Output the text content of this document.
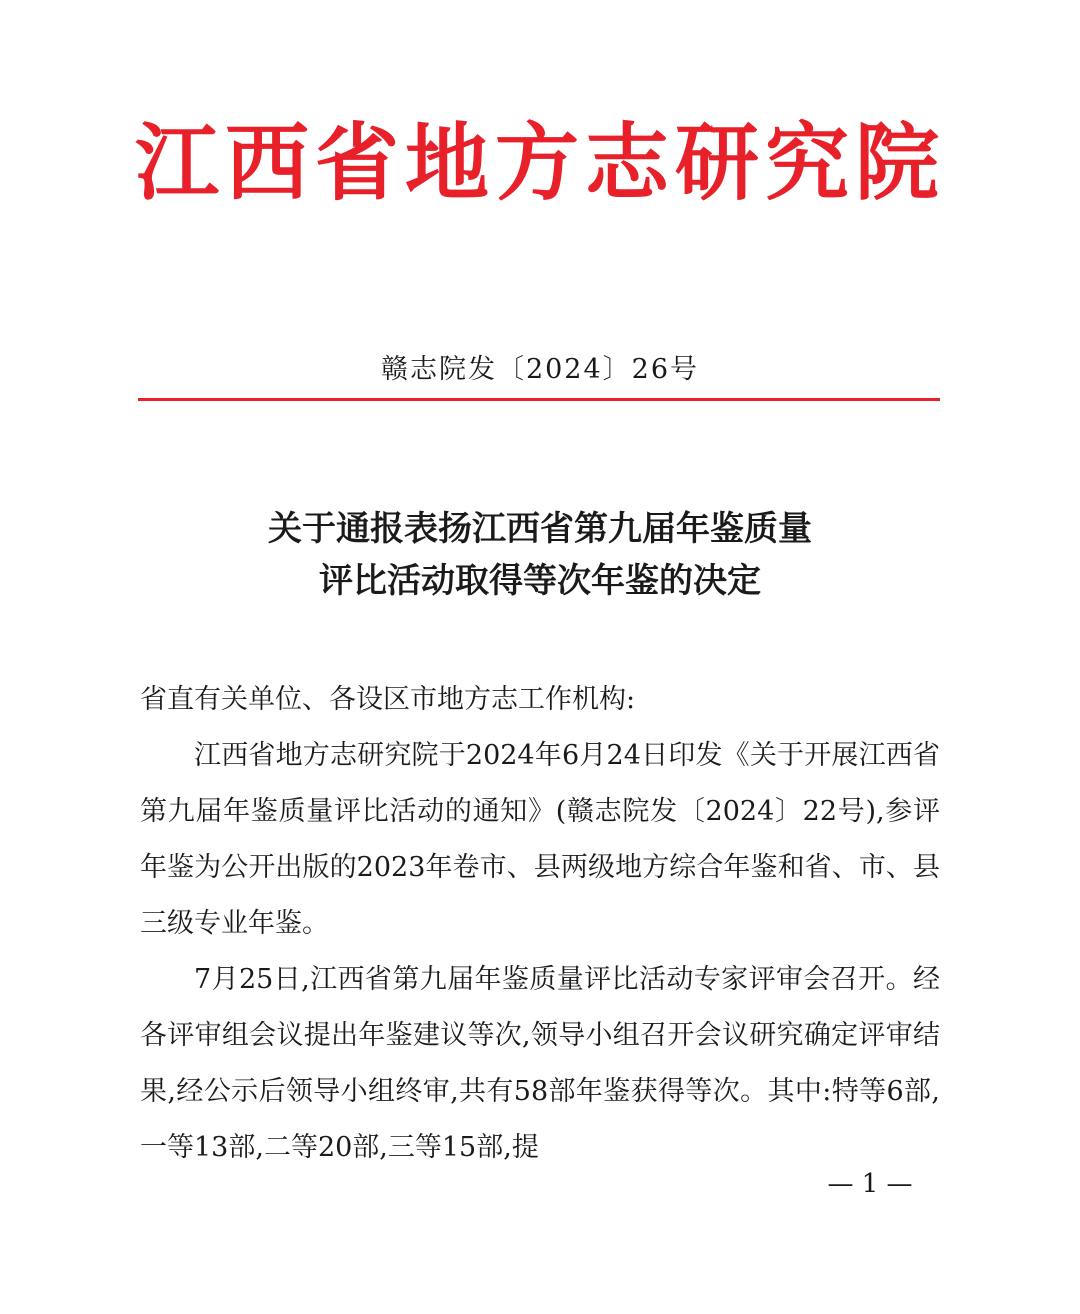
江西省地方志研究院
赣志院发〔2024〕26号
关于通报表扬江西省第九届年鉴质量
评比活动取得等次年鉴的决定

省直有关单位、各设区市地方志工作机构:

江西省地方志研究院于2024年6月24日印发《关于开展江西省第九届年鉴质量评比活动的通知》(赣志院发〔2024〕22号),参评年鉴为公开出版的2023年卷市、县两级地方综合年鉴和省、市、县三级专业年鉴。

7月25日,江西省第九届年鉴质量评比活动专家评审会召开。经各评审组会议提出年鉴建议等次,领导小组召开会议研究确定评审结果,经公示后领导小组终审,共有58部年鉴获得等次。其中:特等6部,一等13部,二等20部,三等15部,提

— 1 —
